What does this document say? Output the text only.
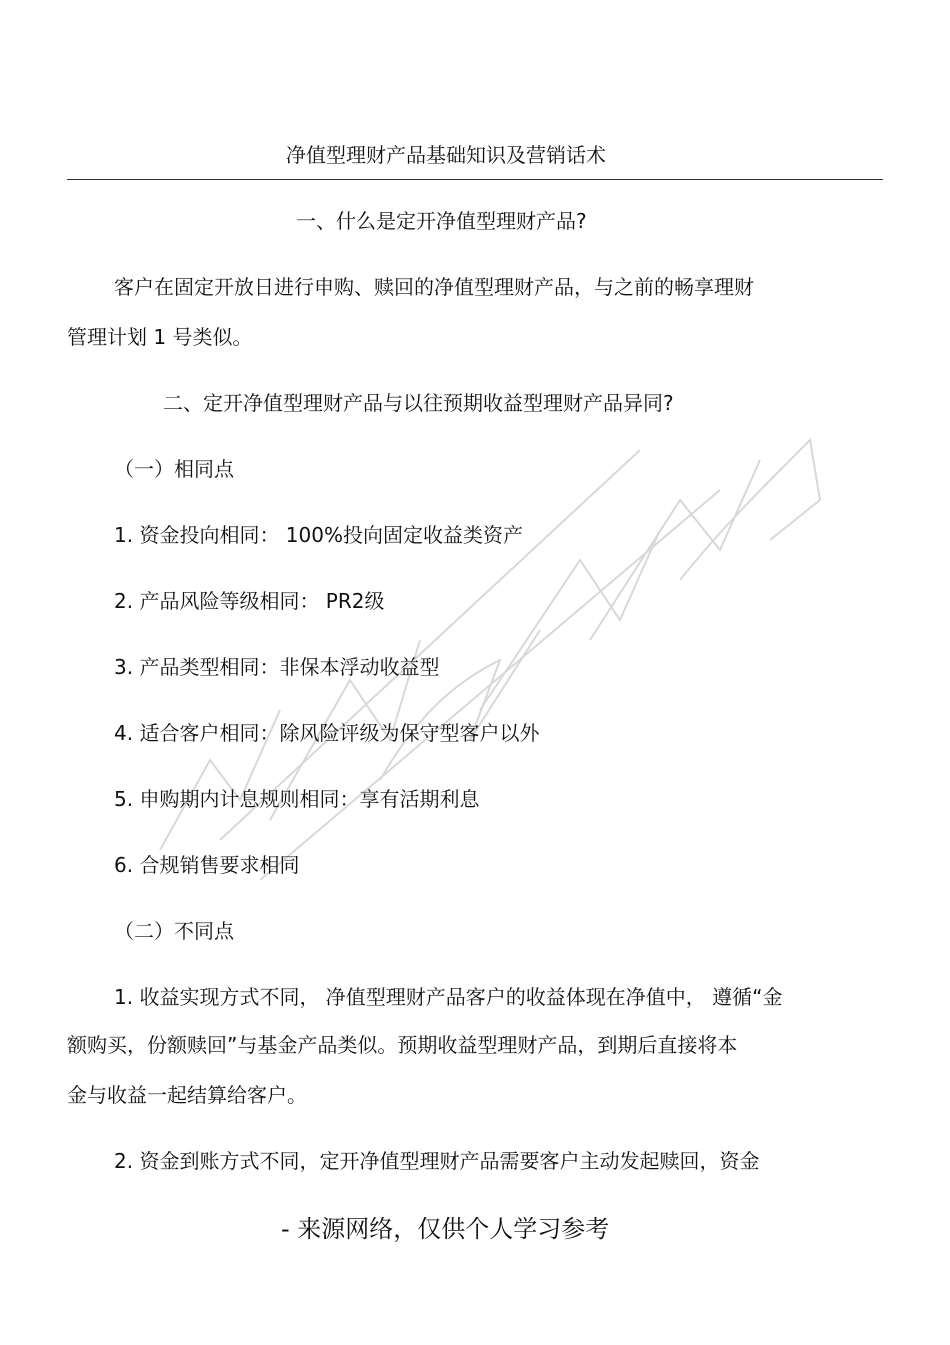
净值型理财产品基础知识及营销话术
一、什么是定开净值型理财产品?
客户在固定开放日进行申购、赎回的净值型理财产品，与之前的畅享理财
管理计划 1 号类似。
二、定开净值型理财产品与以往预期收益型理财产品异同?
（一）相同点
1. 资金投向相同： 100%投向固定收益类资产
2. 产品风险等级相同： PR2级
3. 产品类型相同：非保本浮动收益型
4. 适合客户相同：除风险评级为保守型客户以外
5. 申购期内计息规则相同：享有活期利息
6. 合规销售要求相同
（二）不同点
1. 收益实现方式不同， 净值型理财产品客户的收益体现在净值中， 遵循“金
额购买，份额赎回”与基金产品类似。预期收益型理财产品，到期后直接将本
金与收益一起结算给客户。
2. 资金到账方式不同，定开净值型理财产品需要客户主动发起赎回，资金
- 来源网络，仅供个人学习参考
